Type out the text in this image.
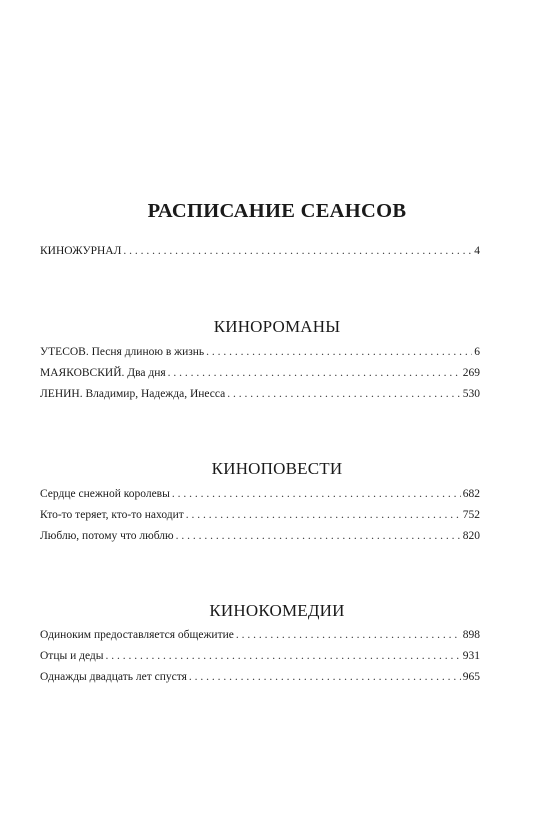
РАСПИСАНИЕ СЕАНСОВ
КИНОЖУРНАЛ . . .	4
КИНОРОМАНЫ
УТЕСОВ. Песня длиною в жизнь . . .	6
МАЯКОВСКИЙ. Два дня . . .	269
ЛЕНИН. Владимир, Надежда, Инесса . . .	530
КИНОПОВЕСТИ
Сердце снежной королевы . . .	682
Кто-то теряет, кто-то находит . . .	752
Люблю, потому что люблю . . .	820
КИНОКОМЕДИИ
Одиноким предоставляется общежитие . . .	898
Отцы и деды . . .	931
Однажды двадцать лет спустя . . .	965
